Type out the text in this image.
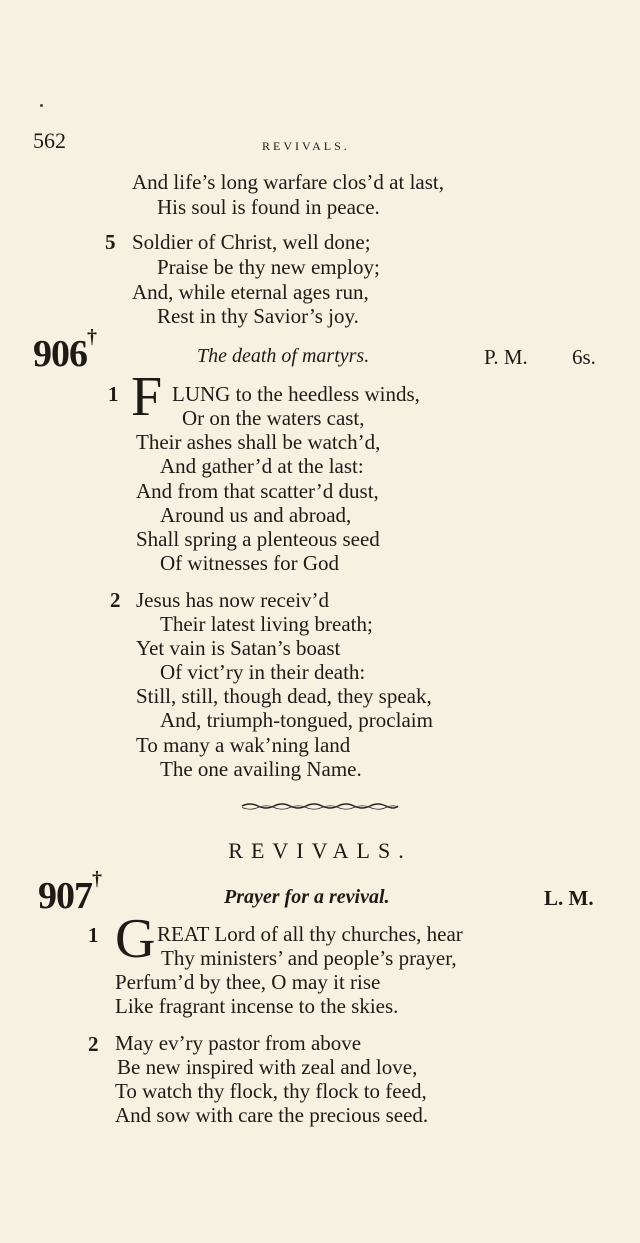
562	REVIVALS.
And life’s long warfare clos’d at last,
His soul is found in peace.
5 Soldier of Christ, well done;
Praise be thy new employ;
And, while eternal ages run,
Rest in thy Savior’s joy.
906†
The death of martyrs.	P. M. 6s.
1 F LUNG to the heedless winds,
Or on the waters cast,
Their ashes shall be watch’d,
And gather’d at the last:
And from that scatter’d dust,
Around us and abroad,
Shall spring a plenteous seed
Of witnesses for God
2 Jesus has now receiv’d
Their latest living breath;
Yet vain is Satan’s boast
Of vict’ry in their death:
Still, still, though dead, they speak,
And, triumph-tongued, proclaim
To many a wak’ning land
The one availing Name.
REVIVALS.
907†
Prayer for a revival.	L. M.
1 G REAT Lord of all thy churches, hear
Thy ministers’ and people’s prayer,
Perfum’d by thee, O may it rise
Like fragrant incense to the skies.
2 May ev’ry pastor from above
Be new inspired with zeal and love,
To watch thy flock, thy flock to feed,
And sow with care the precious seed.
